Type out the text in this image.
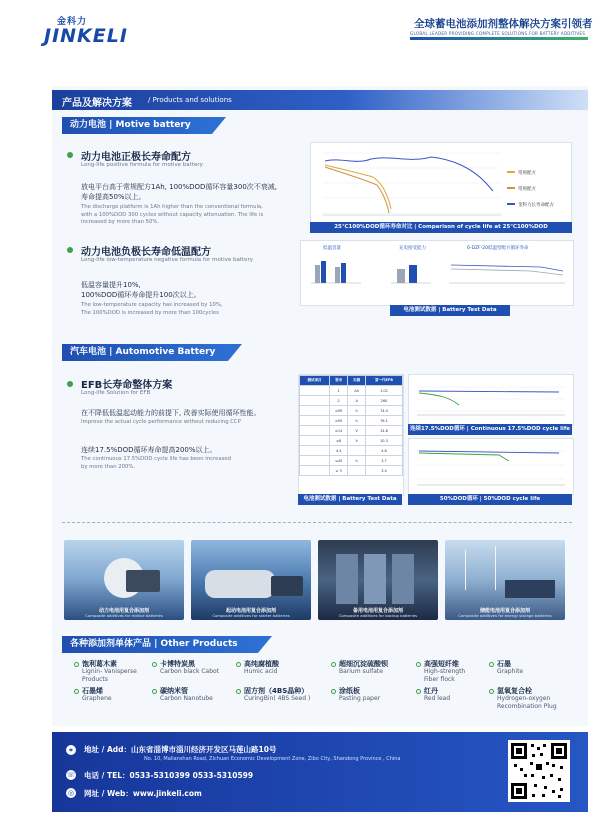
金科力
JINKELI
全球蓄电池添加剂整体解决方案引领者
GLOBAL LEADER PROVIDING COMPLETE SOLUTIONS FOR BATTERY ADDITIVES
产品及解决方案 / Products and solutions
动力电池 | Motive battery
动力电池正极长寿命配方
Long-life positive formula for motive battery
放电平台高于常规配方1Ah, 100%DOD循环容量300次不衰减,
寿命提高50%以上。
The discharge platform is 1Ah higher than the conventional formula,
with a 100%DOD 300 cycles without capacity attenuation. The life is
increased by more than 50%.
常规配方
常规配方
金科力长寿命配方
25℃100%DOD循环寿命对比 | Comparison of cycle life at 25℃100%DOD
动力电池负极长寿命低温配方
Long-life low-temperature negative formula for motive battery
低温容量提升10%,
100%DOD循环寿命提升100次以上。
The low-temperature capacity has increased by 10%,
The 100%DOD is increased by more than 100cycles
低温容量	充电接受能力	6-DZF-20低温型配方循环寿命
电池测试数据 | Battery Test Data
汽车电池 | Automotive Battery
EFB长寿命整体方案
Long-life Solution for EFB
在不降低低温起动能力的前提下, 改善实际使用循环性能。
Improve the actual cycle performance without reducing CCP
连续17.5%DOD循环寿命提高200%以上。
The continuous 17.5%DOD cycle life has been increased
by more than 200%.
测试项目	要求	实测	第一代EFB
	1	Ah	1.02
	2	A	260
	≥90	h	74.0
	≥90	h	76.1
	≥14	V	14.8
	≥8	V	10.3
	4.4		4.8
	≤40	h	3.7
	≥ 3		3.4
电池测试数据 | Battery Test Data
连续17.5%DOD循环 | Continuous 17.5%DOD cycle life
50%DOD循环 | 50%DOD cycle life
动力电池用复合添加剂
Composite additives for motive batteries
起动电池用复合添加剂
Composite additives for starter batteries
备用电池用复合添加剂
Composite additives for backup batteries
储能电池用复合添加剂
Composite additives for energy storage batteries
各种添加剂单体产品 | Other Products
饱利葛木素
Lignin- Vanisperse
Products
卡博特炭黑
Carbon black Cabot
高纯腐植酸
Humic acid
超细沉淀硫酸钡
Barium sulfate
高强短纤维
High-strength
Fiber flock
石墨
Graphite
石墨烯
Graphene
碳纳米管
Carbon Nanotube
固方剂（4BS晶种）
CuringBin( 4BS Seed )
涂纸板
Pasting paper
红丹
Red lead
氢氧复合栓
Hydrogen-oxygen
Recombination Plug
⌖	地址 / Add：山东省淄博市淄川经济开发区马莲山路10号
No. 10, Malianshan Road, Zichuan Economic Development Zone, Zibo City, Shandong Province , China
☏ 电话 / TEL：0533-5310399 0533-5310599
◎ 网址 / Web：www.jinkeli.com
